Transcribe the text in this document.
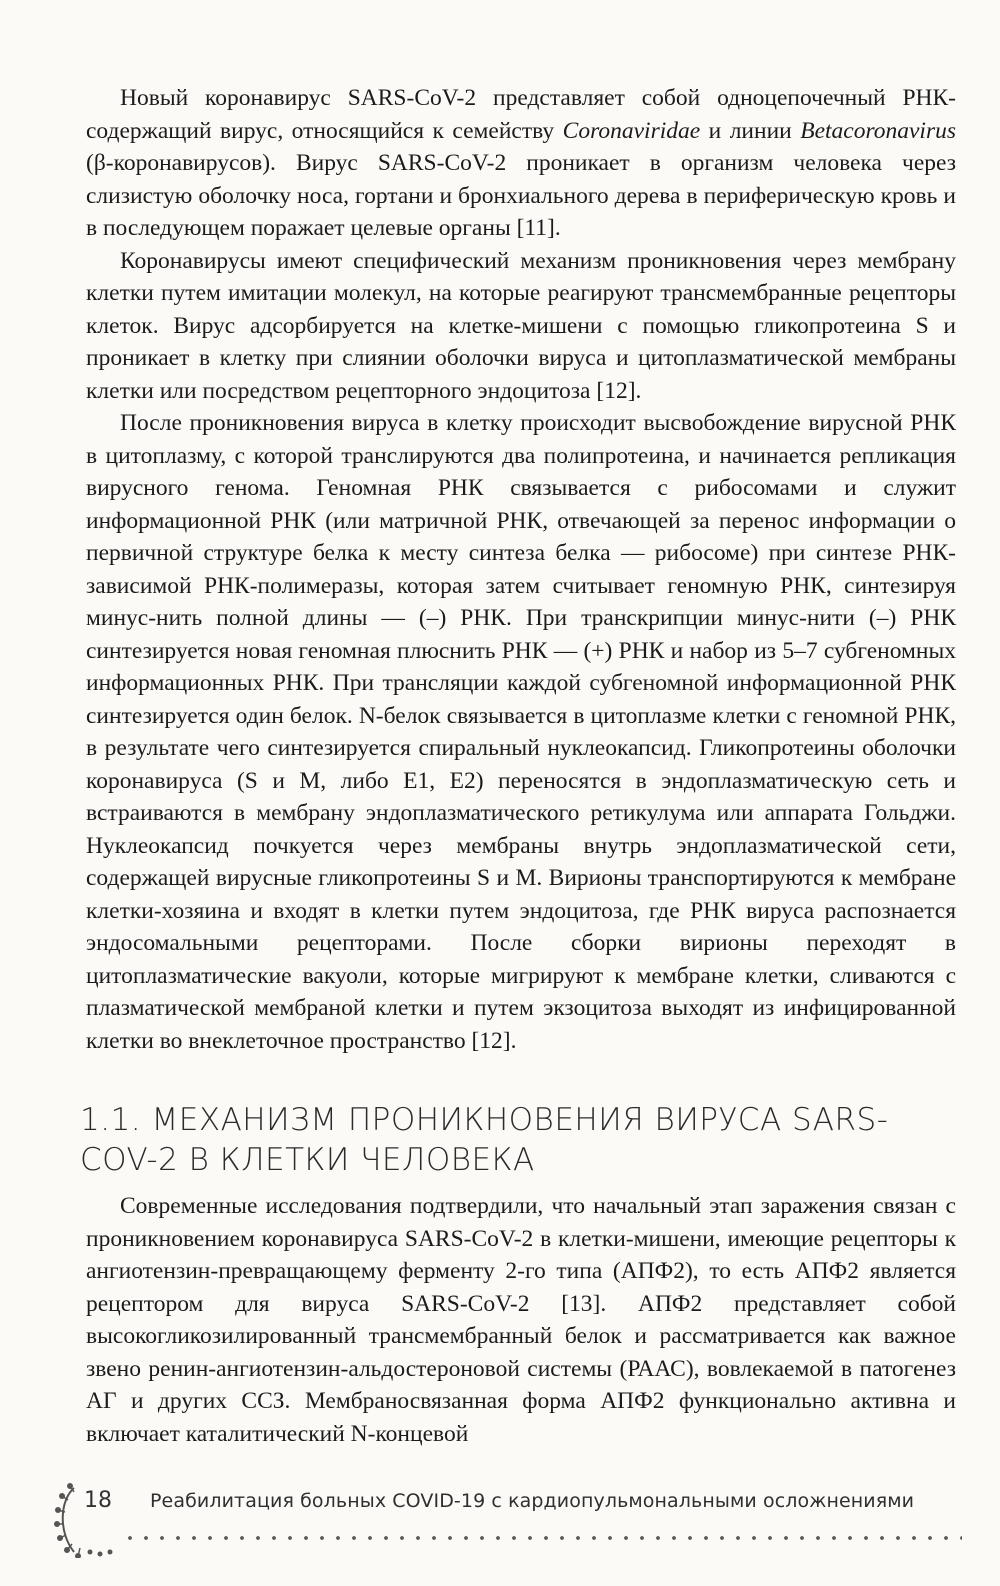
Новый коронавирус SARS-CoV-2 представляет собой одноцепочечный РНК-содержащий вирус, относящийся к семейству Coronaviridae и линии Betacoronavirus (β-коронавирусов). Вирус SARS-CoV-2 проникает в организм человека через слизистую оболочку носа, гортани и бронхиального дерева в периферическую кровь и в последующем поражает целевые органы [11].

Коронавирусы имеют специфический механизм проникновения через мембрану клетки путем имитации молекул, на которые реагируют трансмембранные рецепторы клеток. Вирус адсорбируется на клетке-мишени с помощью гликопротеина S и проникает в клетку при слиянии оболочки вируса и цитоплазматической мембраны клетки или посредством рецепторного эндоцитоза [12].

После проникновения вируса в клетку происходит высвобождение вирусной РНК в цитоплазму, с которой транслируются два полипротеина, и начинается репликация вирусного генома. Геномная РНК связывается с рибосомами и служит информационной РНК (или матричной РНК, отвечающей за перенос информации о первичной структуре белка к месту синтеза белка — рибосоме) при синтезе РНК-зависимой РНК-полимеразы, которая затем считывает геномную РНК, синтезируя минус-нить полной длины — (–) РНК. При транскрипции минус-нити (–) РНК синтезируется новая геномная плюснить РНК — (+) РНК и набор из 5–7 субгеномных информационных РНК. При трансляции каждой субгеномной информационной РНК синтезируется один белок. N-белок связывается в цитоплазме клетки с геномной РНК, в результате чего синтезируется спиральный нуклеокапсид. Гликопротеины оболочки коронавируса (S и M, либо E1, E2) переносятся в эндоплазматическую сеть и встраиваются в мембрану эндоплазматического ретикулума или аппарата Гольджи. Нуклеокапсид почкуется через мембраны внутрь эндоплазматической сети, содержащей вирусные гликопротеины S и M. Вирионы транспортируются к мембране клетки-хозяина и входят в клетки путем эндоцитоза, где РНК вируса распознается эндосомальными рецепторами. После сборки вирионы переходят в цитоплазматические вакуоли, которые мигрируют к мембране клетки, сливаются с плазматической мембраной клетки и путем экзоцитоза выходят из инфицированной клетки во внеклеточное пространство [12].

1.1. МЕХАНИЗМ ПРОНИКНОВЕНИЯ ВИРУСА SARS-COV-2 В КЛЕТКИ ЧЕЛОВЕКА

Современные исследования подтвердили, что начальный этап заражения связан с проникновением коронавируса SARS-CoV-2 в клетки-мишени, имеющие рецепторы к ангиотензин-превращающему ферменту 2-го типа (АПФ2), то есть АПФ2 является рецептором для вируса SARS-CoV-2 [13]. АПФ2 представляет собой высокогликозилированный трансмембранный белок и рассматривается как важное звено ренин-ангиотензин-альдостероновой системы (РААС), вовлекаемой в патогенез АГ и других ССЗ. Мембраносвязанная форма АПФ2 функционально активна и включает каталитический N-концевой

18 Реабилитация больных COVID-19 с кардиопульмональными осложнениями
